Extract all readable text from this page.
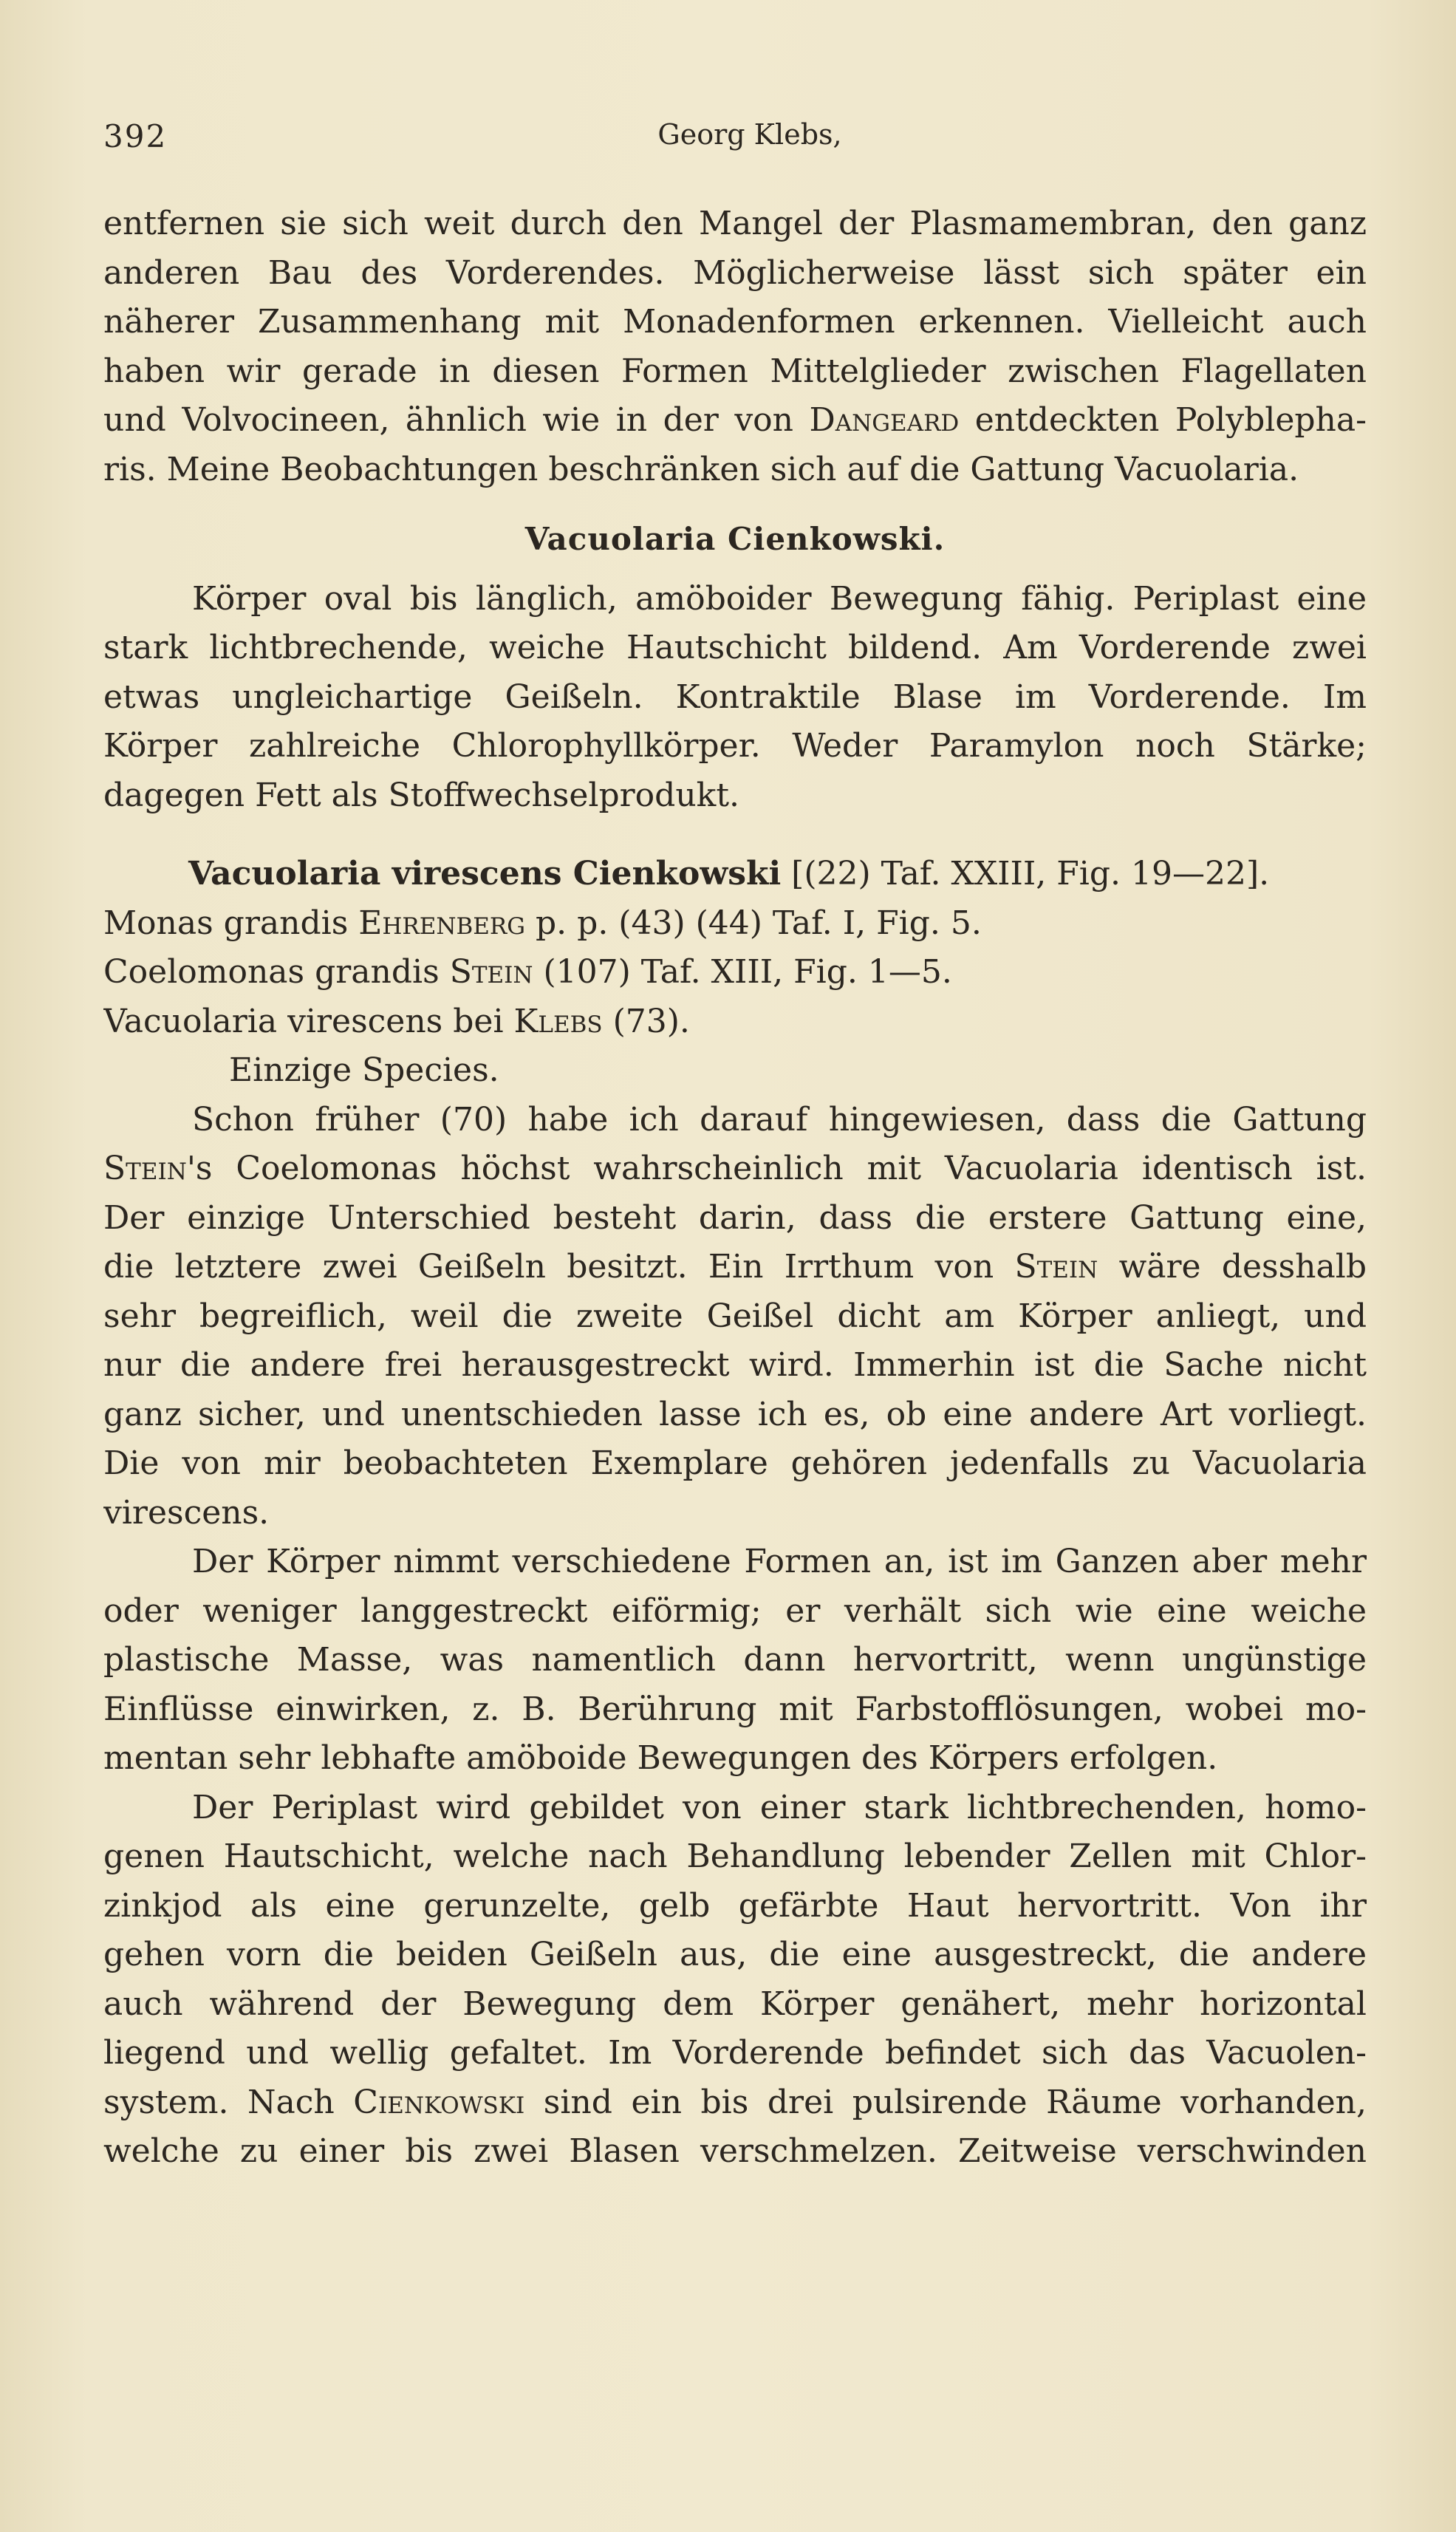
392	Georg Klebs,
entfernen sie sich weit durch den Mangel der Plasmamembran, den ganz
anderen Bau des Vorderendes. Möglicherweise lässt sich später ein
näherer Zusammenhang mit Monadenformen erkennen. Vielleicht auch
haben wir gerade in diesen Formen Mittelglieder zwischen Flagellaten
und Volvocineen, ähnlich wie in der von Dangeard entdeckten Polyblepha-
ris. Meine Beobachtungen beschränken sich auf die Gattung Vacuolaria.
Vacuolaria Cienkowski.
Körper oval bis länglich, amöboider Bewegung fähig. Periplast eine
stark lichtbrechende, weiche Hautschicht bildend. Am Vorderende zwei
etwas ungleichartige Geißeln. Kontraktile Blase im Vorderende. Im
Körper zahlreiche Chlorophyllkörper. Weder Paramylon noch Stärke;
dagegen Fett als Stoffwechselprodukt.
Vacuolaria virescens Cienkowski [(22) Taf. XXIII, Fig. 19—22].
Monas grandis Ehrenberg p. p. (43) (44) Taf. I, Fig. 5.
Coelomonas grandis Stein (107) Taf. XIII, Fig. 1—5.
Vacuolaria virescens bei Klebs (73).
Einzige Species.
Schon früher (70) habe ich darauf hingewiesen, dass die Gattung
Stein's Coelomonas höchst wahrscheinlich mit Vacuolaria identisch ist.
Der einzige Unterschied besteht darin, dass die erstere Gattung eine,
die letztere zwei Geißeln besitzt. Ein Irrthum von Stein wäre desshalb
sehr begreiflich, weil die zweite Geißel dicht am Körper anliegt, und
nur die andere frei herausgestreckt wird. Immerhin ist die Sache nicht
ganz sicher, und unentschieden lasse ich es, ob eine andere Art vorliegt.
Die von mir beobachteten Exemplare gehören jedenfalls zu Vacuolaria
virescens.
Der Körper nimmt verschiedene Formen an, ist im Ganzen aber mehr
oder weniger langgestreckt eiförmig; er verhält sich wie eine weiche
plastische Masse, was namentlich dann hervortritt, wenn ungünstige
Einflüsse einwirken, z. B. Berührung mit Farbstofflösungen, wobei mo-
mentan sehr lebhafte amöboide Bewegungen des Körpers erfolgen.
Der Periplast wird gebildet von einer stark lichtbrechenden, homo-
genen Hautschicht, welche nach Behandlung lebender Zellen mit Chlor-
zinkjod als eine gerunzelte, gelb gefärbte Haut hervortritt. Von ihr
gehen vorn die beiden Geißeln aus, die eine ausgestreckt, die andere
auch während der Bewegung dem Körper genähert, mehr horizontal
liegend und wellig gefaltet. Im Vorderende befindet sich das Vacuolen-
system. Nach Cienkowski sind ein bis drei pulsirende Räume vorhanden,
welche zu einer bis zwei Blasen verschmelzen. Zeitweise verschwinden
